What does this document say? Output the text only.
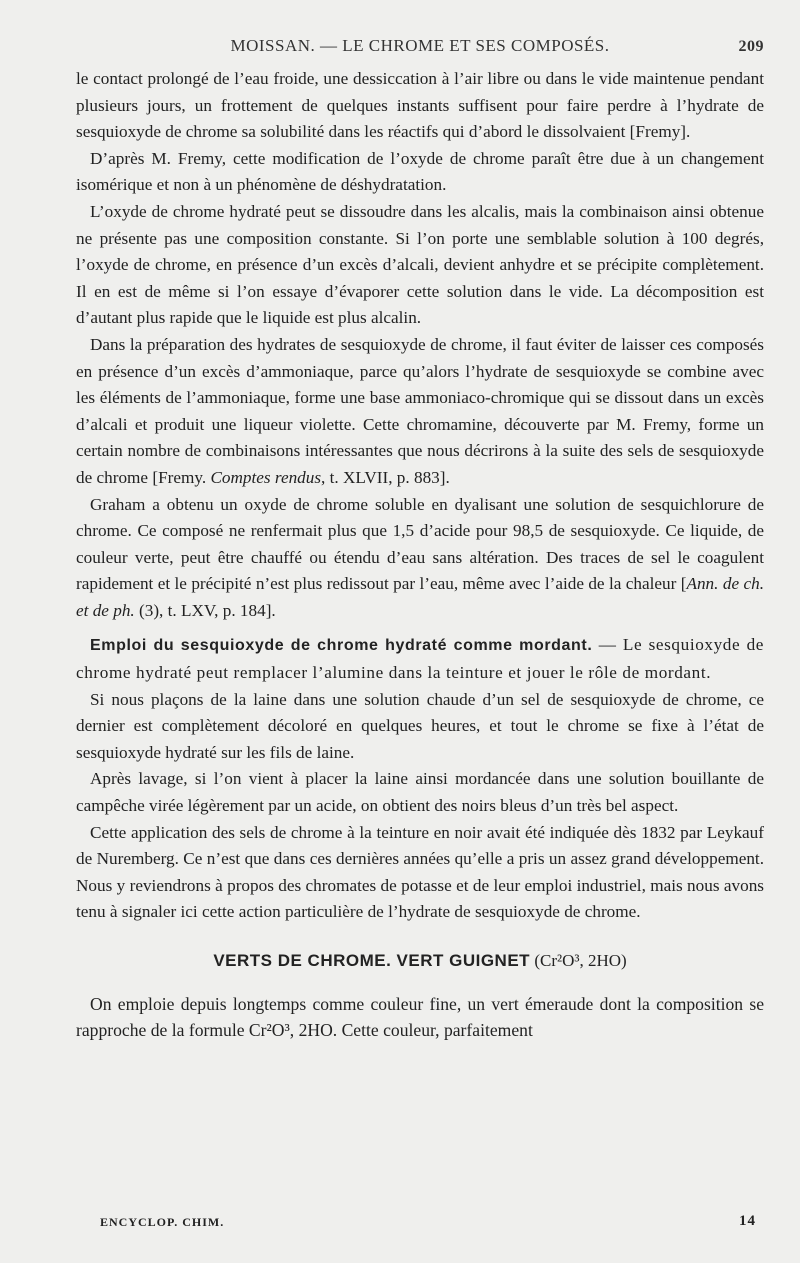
MOISSAN. — LE CHROME ET SES COMPOSÉS.	209

le contact prolongé de l’eau froide, une dessiccation à l’air libre ou dans le vide maintenue pendant plusieurs jours, un frottement de quelques instants suffisent pour faire perdre à l’hydrate de sesquioxyde de chrome sa solubilité dans les réactifs qui d’abord le dissolvaient [Fremy].

D’après M. Fremy, cette modification de l’oxyde de chrome paraît être due à un changement isomérique et non à un phénomène de déshydratation.

L’oxyde de chrome hydraté peut se dissoudre dans les alcalis, mais la combinaison ainsi obtenue ne présente pas une composition constante. Si l’on porte une semblable solution à 100 degrés, l’oxyde de chrome, en présence d’un excès d’alcali, devient anhydre et se précipite complètement. Il en est de même si l’on essaye d’évaporer cette solution dans le vide. La décomposition est d’autant plus rapide que le liquide est plus alcalin.

Dans la préparation des hydrates de sesquioxyde de chrome, il faut éviter de laisser ces composés en présence d’un excès d’ammoniaque, parce qu’alors l’hydrate de sesquioxyde se combine avec les éléments de l’ammoniaque, forme une base ammoniaco-chromique qui se dissout dans un excès d’alcali et produit une liqueur violette. Cette chromamine, découverte par M. Fremy, forme un certain nombre de combinaisons intéressantes que nous décrirons à la suite des sels de sesquioxyde de chrome [Fremy. Comptes rendus, t. XLVII, p. 883].

Graham a obtenu un oxyde de chrome soluble en dyalisant une solution de sesquichlorure de chrome. Ce composé ne renfermait plus que 1,5 d’acide pour 98,5 de sesquioxyde. Ce liquide, de couleur verte, peut être chauffé ou étendu d’eau sans altération. Des traces de sel le coagulent rapidement et le précipité n’est plus redissout par l’eau, même avec l’aide de la chaleur [Ann. de ch. et de ph. (3), t. LXV, p. 184].

Emploi du sesquioxyde de chrome hydraté comme mordant. — Le sesquioxyde de chrome hydraté peut remplacer l’alumine dans la teinture et jouer le rôle de mordant.

Si nous plaçons de la laine dans une solution chaude d’un sel de sesquioxyde de chrome, ce dernier est complètement décoloré en quelques heures, et tout le chrome se fixe à l’état de sesquioxyde hydraté sur les fils de laine.

Après lavage, si l’on vient à placer la laine ainsi mordancée dans une solution bouillante de campêche virée légèrement par un acide, on obtient des noirs bleus d’un très bel aspect.

Cette application des sels de chrome à la teinture en noir avait été indiquée dès 1832 par Leykauf de Nuremberg. Ce n’est que dans ces dernières années qu’elle a pris un assez grand développement. Nous y reviendrons à propos des chromates de potasse et de leur emploi industriel, mais nous avons tenu à signaler ici cette action particulière de l’hydrate de sesquioxyde de chrome.

VERTS DE CHROME. VERT GUIGNET (Cr²O³, 2HO)

On emploie depuis longtemps comme couleur fine, un vert émeraude dont la composition se rapproche de la formule Cr²O³, 2HO. Cette couleur, parfaitement

ENCYCLOP. CHIM.	14
